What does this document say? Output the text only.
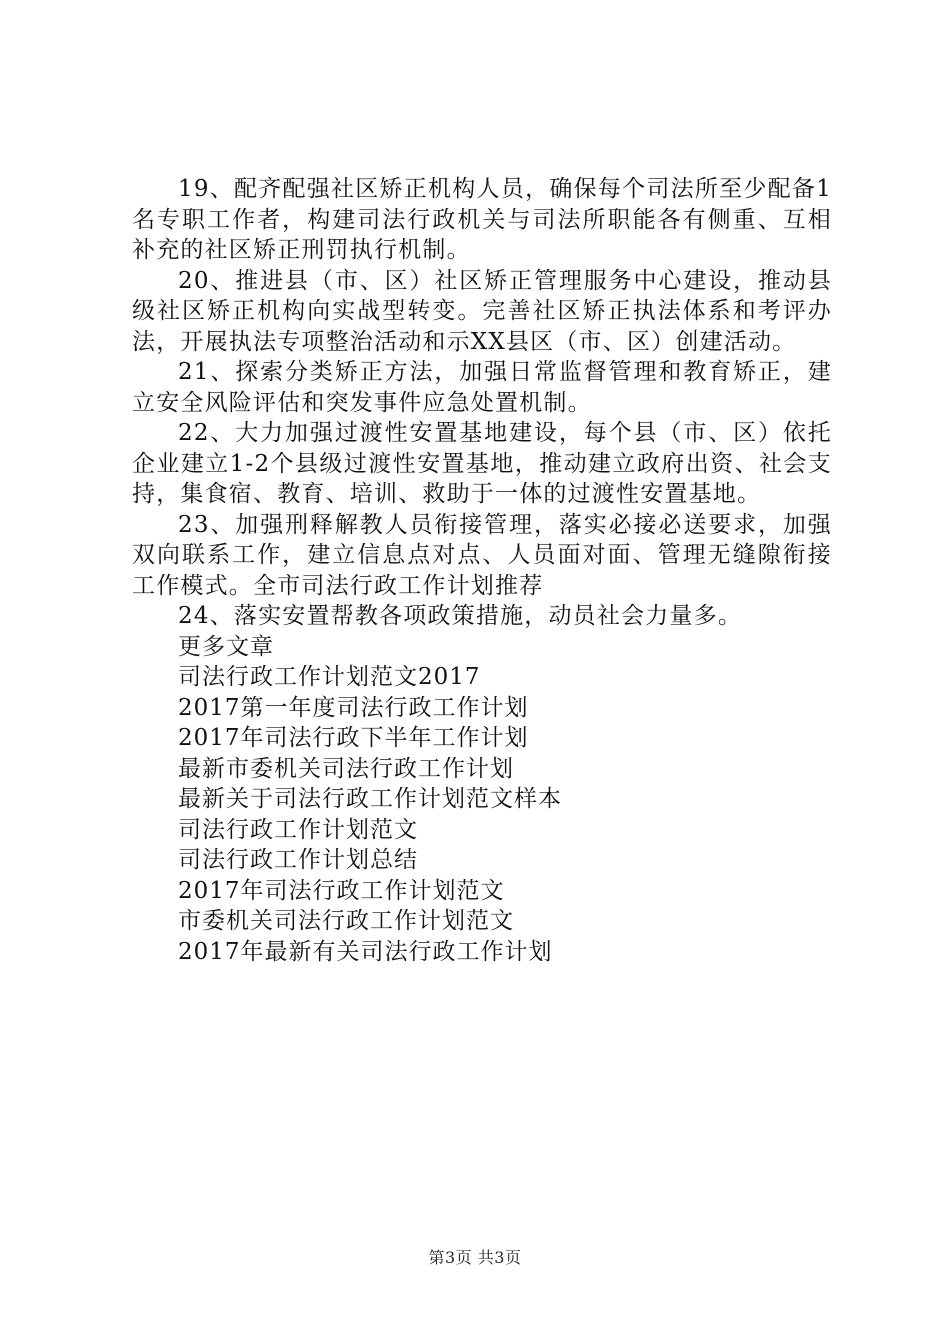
19、配齐配强社区矫正机构人员，确保每个司法所至少配备1名专职工作者，构建司法行政机关与司法所职能各有侧重、互相补充的社区矫正刑罚执行机制。

20、推进县（市、区）社区矫正管理服务中心建设，推动县级社区矫正机构向实战型转变。完善社区矫正执法体系和考评办法，开展执法专项整治活动和示XX县区（市、区）创建活动。

21、探索分类矫正方法，加强日常监督管理和教育矫正，建立安全风险评估和突发事件应急处置机制。

22、大力加强过渡性安置基地建设，每个县（市、区）依托企业建立1-2个县级过渡性安置基地，推动建立政府出资、社会支持，集食宿、教育、培训、救助于一体的过渡性安置基地。

23、加强刑释解教人员衔接管理，落实必接必送要求，加强双向联系工作，建立信息点对点、人员面对面、管理无缝隙衔接工作模式。全市司法行政工作计划推荐

24、落实安置帮教各项政策措施，动员社会力量多。

更多文章

司法行政工作计划范文2017
2017第一年度司法行政工作计划
2017年司法行政下半年工作计划
最新市委机关司法行政工作计划
最新关于司法行政工作计划范文样本
司法行政工作计划范文
司法行政工作计划总结
2017年司法行政工作计划范文
市委机关司法行政工作计划范文
2017年最新有关司法行政工作计划
第3页 共3页
